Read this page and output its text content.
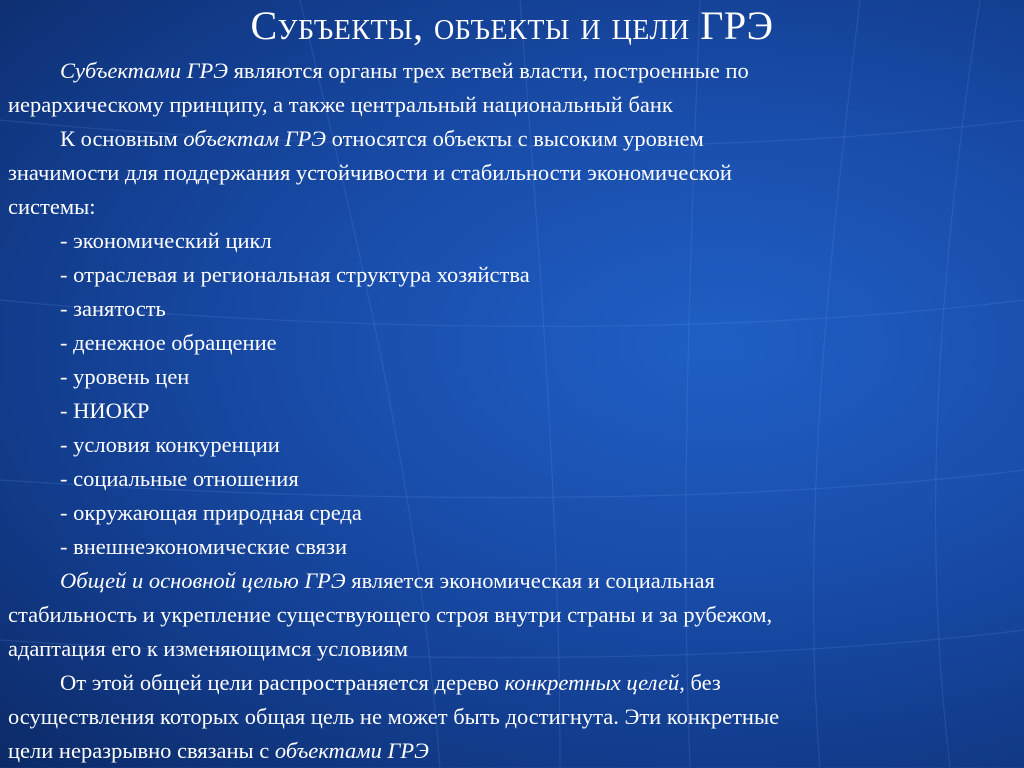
Субъекты, объекты и цели ГРЭ
Субъектами ГРЭ являются органы трех ветвей власти, построенные по
иерархическому принципу, а также центральный национальный банк
К основным объектам ГРЭ относятся объекты с высоким уровнем
значимости для поддержания устойчивости и стабильности экономической
системы:
- экономический цикл
- отраслевая и региональная структура хозяйства
- занятость
- денежное обращение
- уровень цен
- НИОКР
- условия конкуренции
- социальные отношения
- окружающая природная среда
- внешнеэкономические связи
Общей и основной целью ГРЭ является экономическая и социальная
стабильность и укрепление существующего строя внутри страны и за рубежом,
адаптация его к изменяющимся условиям
От этой общей цели распространяется дерево конкретных целей, без
осуществления которых общая цель не может быть достигнута. Эти конкретные
цели неразрывно связаны с объектами ГРЭ
